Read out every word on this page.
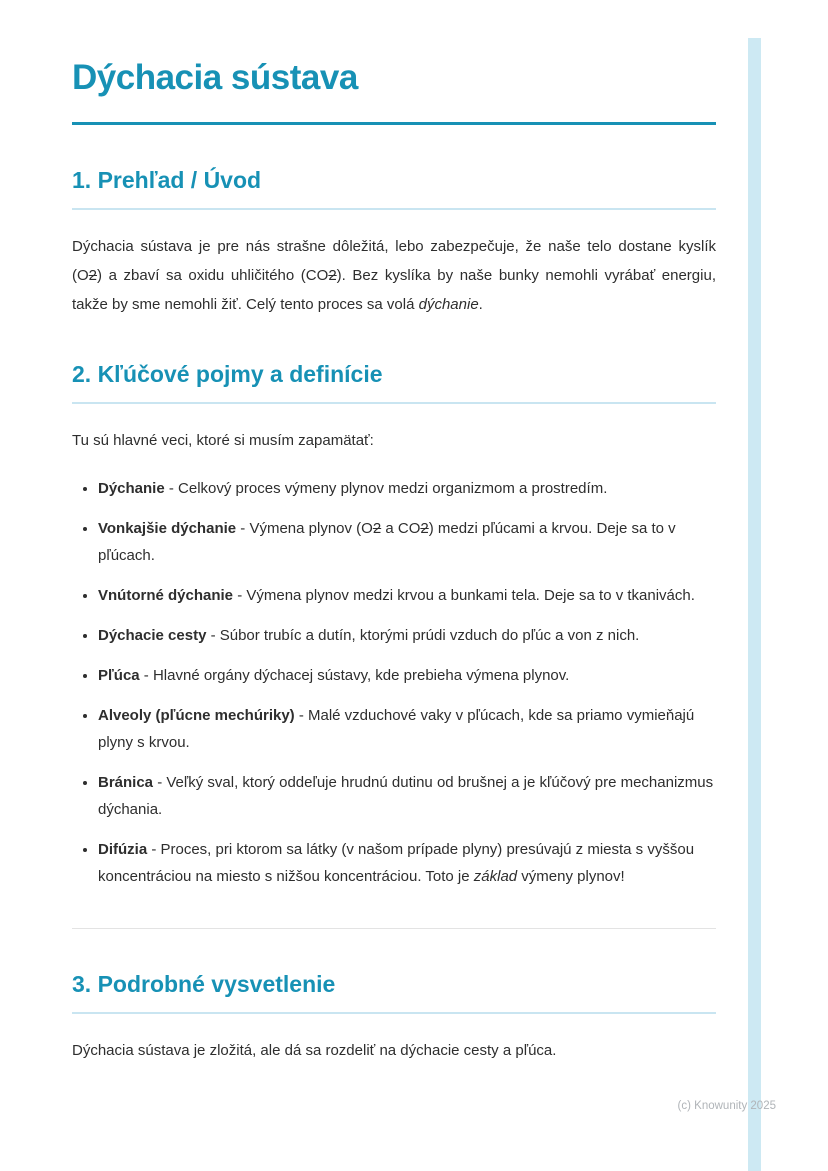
Dýchacia sústava
1. Prehľad / Úvod

Dýchacia sústava je pre nás strašne dôležitá, lebo zabezpečuje, že naše telo dostane kyslík (O2) a zbaví sa oxidu uhličitého (CO2). Bez kyslíka by naše bunky nemohli vyrábať energiu, takže by sme nemohli žiť. Celý tento proces sa volá dýchanie.

2. Kľúčové pojmy a definície

Tu sú hlavné veci, ktoré si musím zapamätať:

• Dýchanie - Celkový proces výmeny plynov medzi organizmom a prostredím.
• Vonkajšie dýchanie - Výmena plynov (O2 a CO2) medzi pľúcami a krvou. Deje sa to v pľúcach.
• Vnútorné dýchanie - Výmena plynov medzi krvou a bunkami tela. Deje sa to v tkanivách.
• Dýchacie cesty - Súbor trubíc a dutín, ktorými prúdi vzduch do pľúc a von z nich.
• Pľúca - Hlavné orgány dýchacej sústavy, kde prebieha výmena plynov.
• Alveoly (pľúcne mechúriky) - Malé vzduchové vaky v pľúcach, kde sa priamo vymieňajú plyny s krvou.
• Bránica - Veľký sval, ktorý oddeľuje hrudnú dutinu od brušnej a je kľúčový pre mechanizmus dýchania.
• Difúzia - Proces, pri ktorom sa látky (v našom prípade plyny) presúvajú z miesta s vyššou koncentráciou na miesto s nižšou koncentráciou. Toto je základ výmeny plynov!
3. Podrobné vysvetlenie

Dýchacia sústava je zložitá, ale dá sa rozdeliť na dýchacie cesty a pľúca.

(c) Knowunity 2025
